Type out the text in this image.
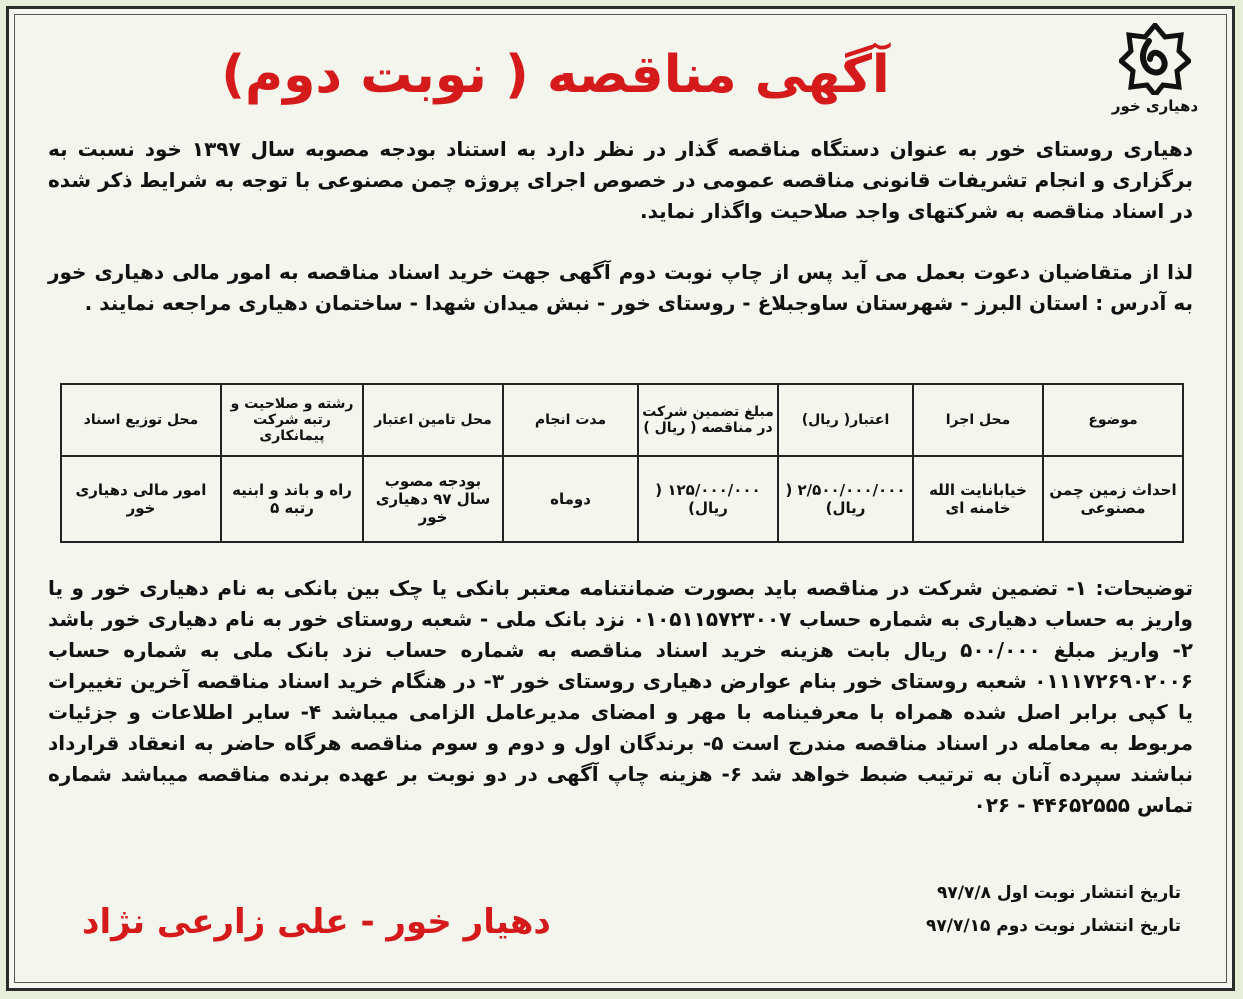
دهیاری خور
آگهی مناقصه ( نوبت دوم)
دهیاری روستای خور به عنوان دستگاه مناقصه گذار در نظر دارد به استناد بودجه مصوبه سال ۱۳۹۷ خود نسبت به برگزاری و انجام تشریفات قانونی مناقصه عمومی در خصوص اجرای پروژه چمن مصنوعی با توجه به شرایط ذکر شده در اسناد مناقصه به شرکتهای واجد صلاحیت واگذار نماید.
لذا از متقاضیان دعوت بعمل می آید پس از چاپ نوبت دوم آگهی جهت خرید اسناد مناقصه به امور مالی دهیاری خور به آدرس : استان البرز - شهرستان ساوجبلاغ - روستای خور - نبش میدان شهدا - ساختمان دهیاری مراجعه نمایند .
موضوع	محل اجرا	اعتبار( ریال)	مبلغ تضمین شرکت در مناقصه ( ریال )	مدت انجام	محل تامین اعتبار	رشته و صلاحیت و رتبه شرکت پیمانکاری	محل توزیع اسناد
احداث زمین چمن مصنوعی	خیابانایت الله خامنه ای	۲/۵۰۰/۰۰۰/۰۰۰ ( ریال)	۱۲۵/۰۰۰/۰۰۰ ( ریال)	دوماه	بودجه مصوب سال ۹۷ دهیاری خور	راه و باند و ابنیه رتبه ۵	امور مالی دهیاری خور
توضیحات: ۱- تضمین شرکت در مناقصه باید بصورت ضمانتنامه معتبر بانکی یا چک بین بانکی به نام دهیاری خور و یا واریز به حساب دهیاری به شماره حساب ۰۱۰۵۱۱۵۷۲۳۰۰۷ نزد بانک ملی - شعبه روستای خور به نام دهیاری خور باشد ۲- واریز مبلغ ۵۰۰/۰۰۰ ریال بابت هزینه خرید اسناد مناقصه به شماره حساب نزد بانک ملی به شماره حساب ۰۱۱۱۷۲۶۹۰۲۰۰۶ شعبه روستای خور بنام عوارض دهیاری روستای خور ۳- در هنگام خرید اسناد مناقصه آخرین تغییرات یا کپی برابر اصل شده همراه با معرفینامه با مهر و امضای مدیرعامل الزامی میباشد ۴- سایر اطلاعات و جزئیات مربوط به معامله در اسناد مناقصه مندرج است ۵- برندگان اول و دوم و سوم مناقصه هرگاه حاضر به انعقاد قرارداد نباشند سپرده آنان به ترتیب ضبط خواهد شد ۶- هزینه چاپ آگهی در دو نوبت بر عهده برنده مناقصه میباشد شماره تماس ۴۴۶۵۲۵۵۵ - ۰۲۶
تاریخ انتشار نوبت اول ۹۷/۷/۸
تاریخ انتشار نوبت دوم ۹۷/۷/۱۵
دهیار خور - علی زارعی نژاد
